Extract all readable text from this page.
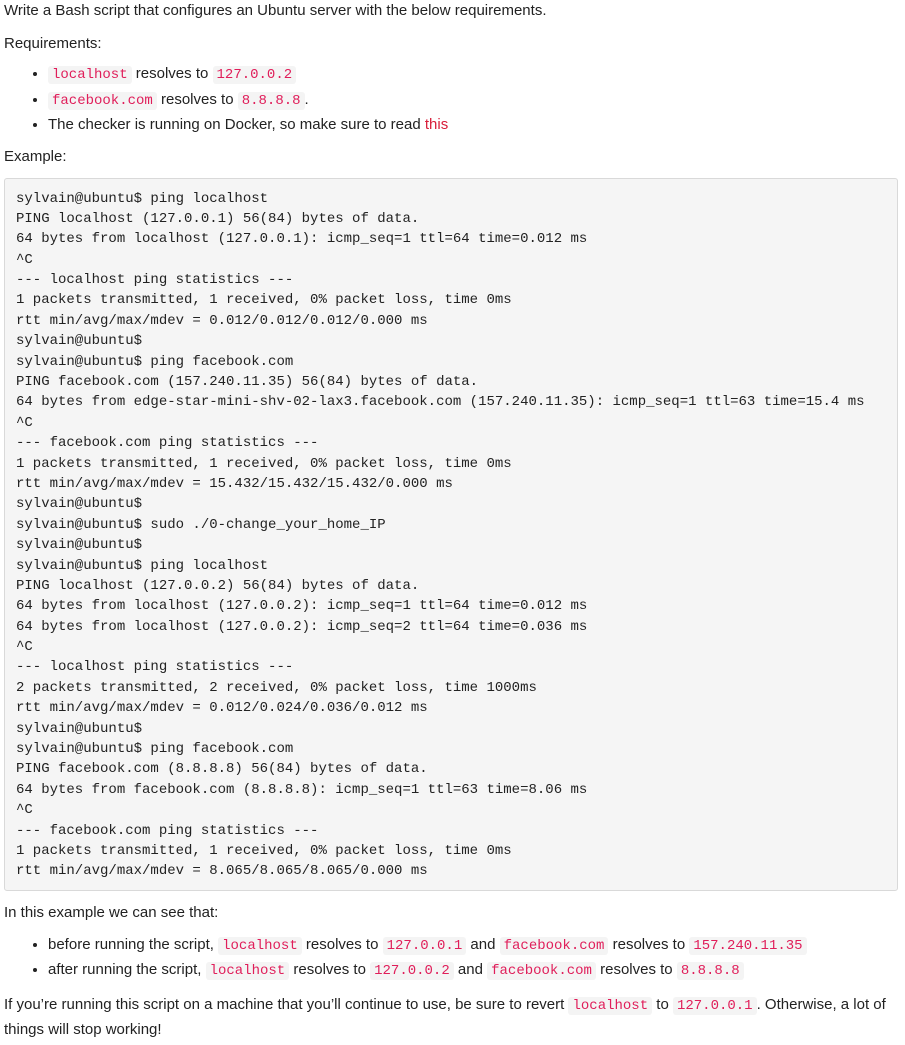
Write a Bash script that configures an Ubuntu server with the below requirements.

Requirements:

• localhost resolves to 127.0.0.2
• facebook.com resolves to 8.8.8.8 .
• The checker is running on Docker, so make sure to read this

Example:

sylvain@ubuntu$ ping localhost
PING localhost (127.0.0.1) 56(84) bytes of data.
64 bytes from localhost (127.0.0.1): icmp_seq=1 ttl=64 time=0.012 ms
^C
--- localhost ping statistics ---
1 packets transmitted, 1 received, 0% packet loss, time 0ms
rtt min/avg/max/mdev = 0.012/0.012/0.012/0.000 ms
sylvain@ubuntu$
sylvain@ubuntu$ ping facebook.com
PING facebook.com (157.240.11.35) 56(84) bytes of data.
64 bytes from edge-star-mini-shv-02-lax3.facebook.com (157.240.11.35): icmp_seq=1 ttl=63 time=15.4 ms
^C
--- facebook.com ping statistics ---
1 packets transmitted, 1 received, 0% packet loss, time 0ms
rtt min/avg/max/mdev = 15.432/15.432/15.432/0.000 ms
sylvain@ubuntu$
sylvain@ubuntu$ sudo ./0-change_your_home_IP
sylvain@ubuntu$
sylvain@ubuntu$ ping localhost
PING localhost (127.0.0.2) 56(84) bytes of data.
64 bytes from localhost (127.0.0.2): icmp_seq=1 ttl=64 time=0.012 ms
64 bytes from localhost (127.0.0.2): icmp_seq=2 ttl=64 time=0.036 ms
^C
--- localhost ping statistics ---
2 packets transmitted, 2 received, 0% packet loss, time 1000ms
rtt min/avg/max/mdev = 0.012/0.024/0.036/0.012 ms
sylvain@ubuntu$
sylvain@ubuntu$ ping facebook.com
PING facebook.com (8.8.8.8) 56(84) bytes of data.
64 bytes from facebook.com (8.8.8.8): icmp_seq=1 ttl=63 time=8.06 ms
^C
--- facebook.com ping statistics ---
1 packets transmitted, 1 received, 0% packet loss, time 0ms
rtt min/avg/max/mdev = 8.065/8.065/8.065/0.000 ms

In this example we can see that:

• before running the script, localhost resolves to 127.0.0.1 and facebook.com resolves to 157.240.11.35
• after running the script, localhost resolves to 127.0.0.2 and facebook.com resolves to 8.8.8.8

If you’re running this script on a machine that you’ll continue to use, be sure to revert localhost to 127.0.0.1 . Otherwise, a lot of things will stop working!
